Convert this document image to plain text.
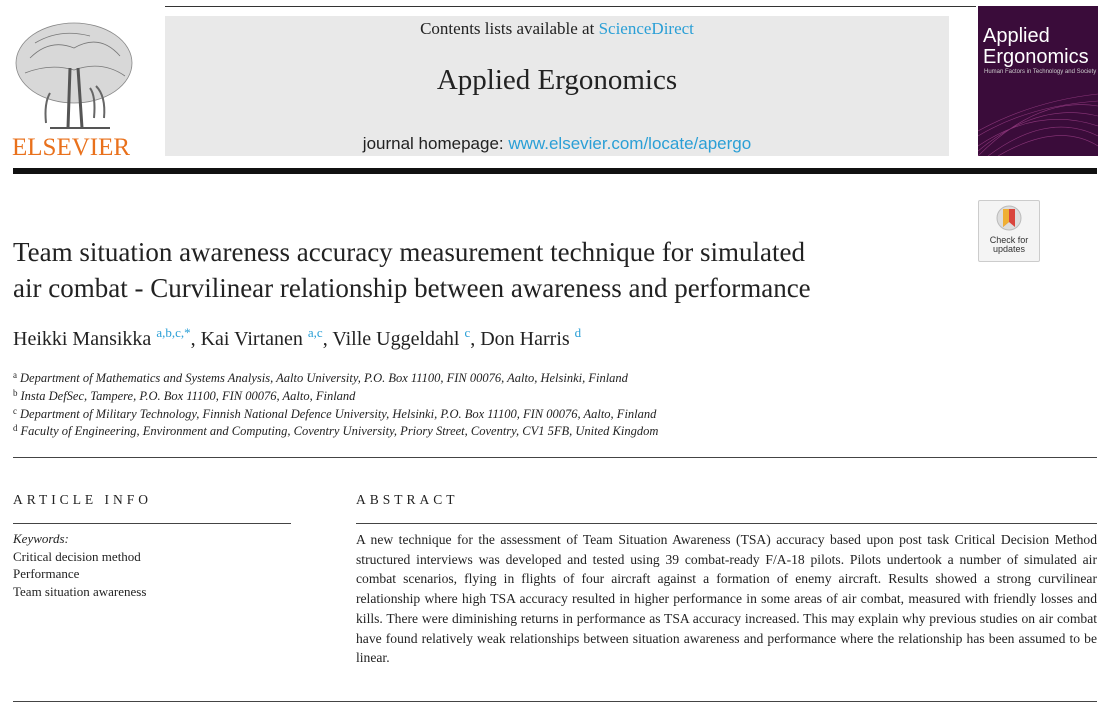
ELSEVIER
Contents lists available at ScienceDirect
Applied Ergonomics
journal homepage: www.elsevier.com/locate/apergo
Applied
Ergonomics
Human Factors in Technology and Society
Check for
updates
Team situation awareness accuracy measurement technique for simulated
air combat - Curvilinear relationship between awareness and performance
Heikki Mansikka $^{a,b,c,*}$, Kai Virtanen $^{a,c}$, Ville Uggeldahl $^c$, Don Harris $^d$
$^a$ Department of Mathematics and Systems Analysis, Aalto University, P.O. Box 11100, FIN 00076, Aalto, Helsinki, Finland
$^b$ Insta DefSec, Tampere, P.O. Box 11100, FIN 00076, Aalto, Finland
$^c$ Department of Military Technology, Finnish National Defence University, Helsinki, P.O. Box 11100, FIN 00076, Aalto, Finland
$^d$ Faculty of Engineering, Environment and Computing, Coventry University, Priory Street, Coventry, CV1 5FB, United Kingdom
ARTICLE INFO
Keywords:
Critical decision method
Performance
Team situation awareness
ABSTRACT
A new technique for the assessment of Team Situation Awareness (TSA) accuracy based upon post task Critical Decision Method structured interviews was developed and tested using 39 combat-ready F/A-18 pilots. Pilots undertook a number of simulated air combat scenarios, flying in flights of four aircraft against a formation of enemy aircraft. Results showed a strong curvilinear relationship where high TSA accuracy resulted in higher performance in some areas of air combat, measured with friendly losses and kills. There were diminishing returns in performance as TSA accuracy increased. This may explain why previous studies on air combat have found relatively weak relationships between situation awareness and performance where the relationship has been assumed to be linear.
